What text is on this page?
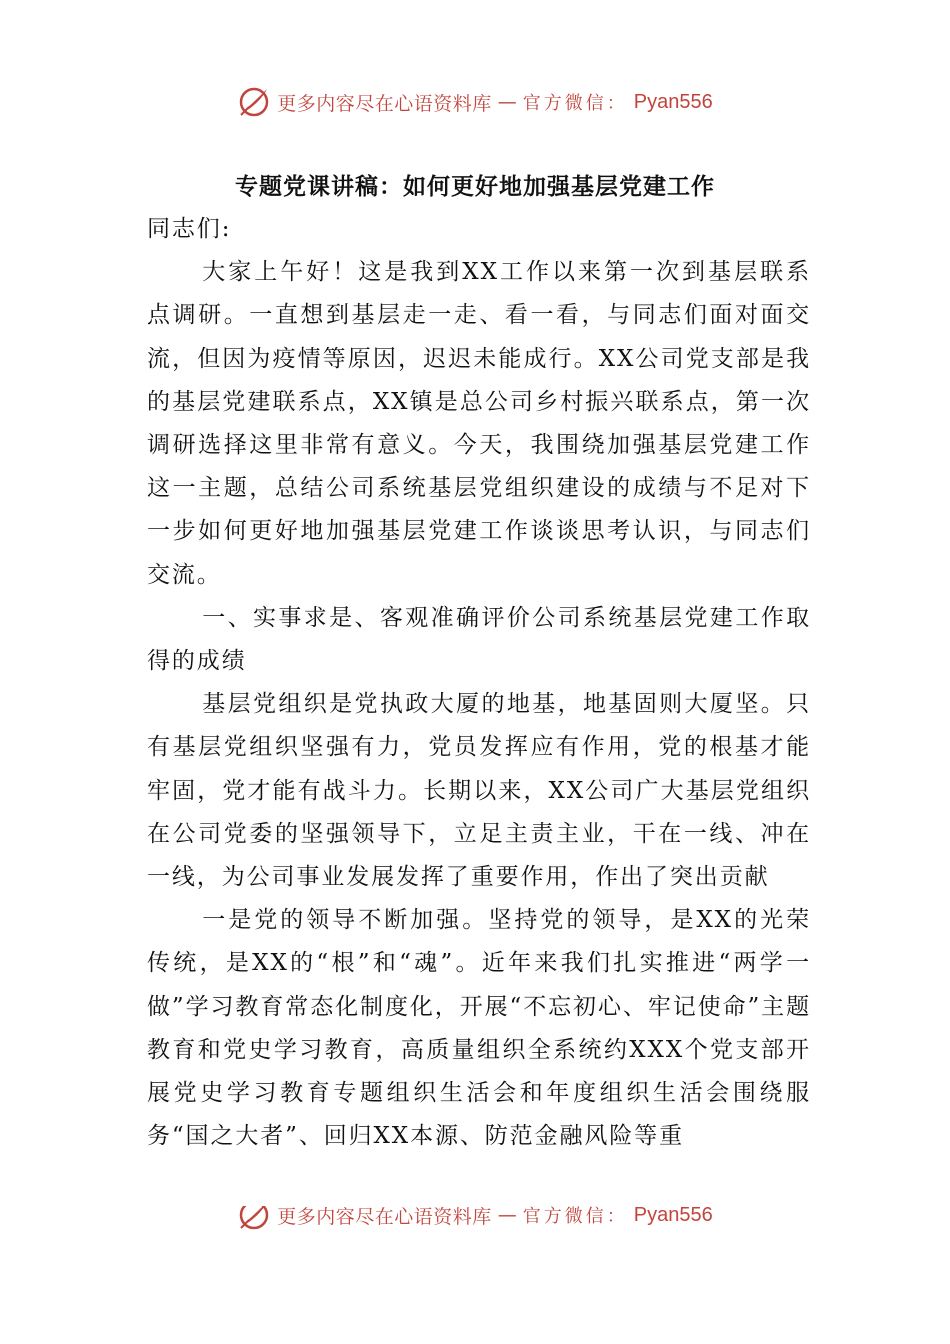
更多内容尽在心语资料库 — 官方微信： Pyan556
专题党课讲稿：如何更好地加强基层党建工作

同志们:

大家上午好！这是我到XX工作以来第一次到基层联系点调研。一直想到基层走一走、看一看，与同志们面对面交流，但因为疫情等原因，迟迟未能成行。XX公司党支部是我的基层党建联系点，XX镇是总公司乡村振兴联系点，第一次调研选择这里非常有意义。今天，我围绕加强基层党建工作这一主题，总结公司系统基层党组织建设的成绩与不足对下一步如何更好地加强基层党建工作谈谈思考认识，与同志们交流。

一、实事求是、客观准确评价公司系统基层党建工作取得的成绩

基层党组织是党执政大厦的地基，地基固则大厦坚。只有基层党组织坚强有力，党员发挥应有作用，党的根基才能牢固，党才能有战斗力。长期以来，XX公司广大基层党组织在公司党委的坚强领导下，立足主责主业，干在一线、冲在一线，为公司事业发展发挥了重要作用，作出了突出贡献

一是党的领导不断加强。坚持党的领导，是XX的光荣传统，是XX的“根”和“魂”。近年来我们扎实推进“两学一做”学习教育常态化制度化，开展“不忘初心、牢记使命”主题教育和党史学习教育，高质量组织全系统约XXX个党支部开展党史学习教育专题组织生活会和年度组织生活会围绕服务“国之大者”、回归XX本源、防范金融风险等重

更多内容尽在心语资料库 — 官方微信： Pyan556
